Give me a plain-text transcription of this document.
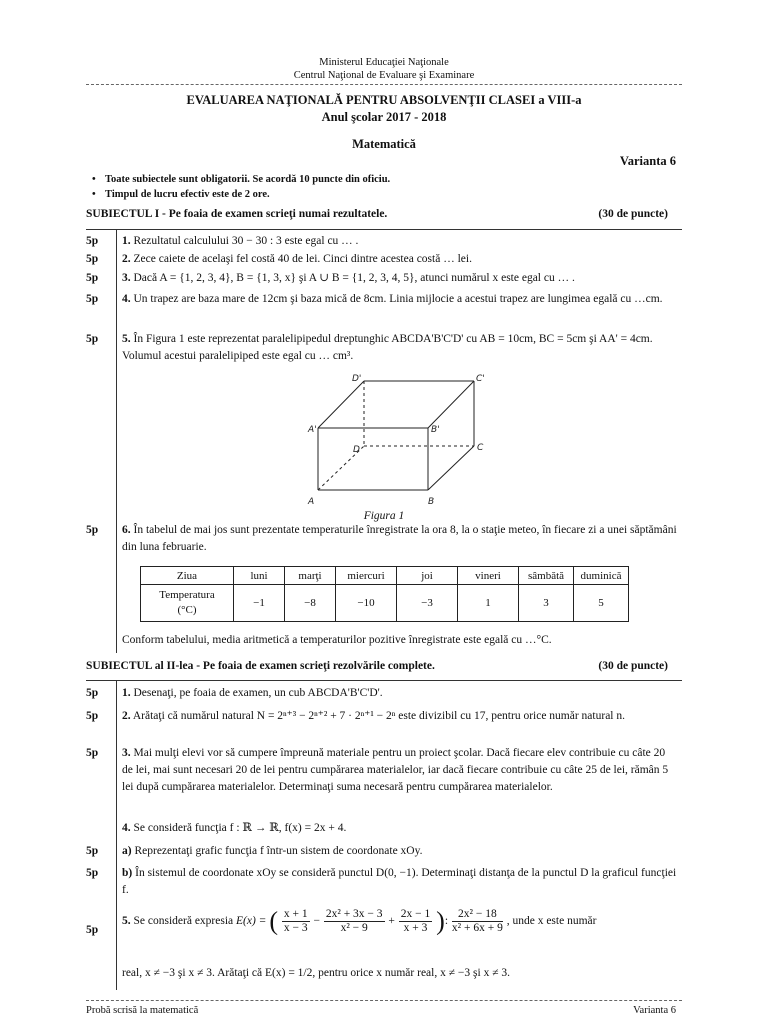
Ministerul Educaţiei Naţionale
Centrul Naţional de Evaluare şi Examinare
EVALUAREA NAŢIONALĂ PENTRU ABSOLVENŢII CLASEI a VIII-a
Anul şcolar 2017 - 2018
Matematică
Varianta 6
• Toate subiectele sunt obligatorii. Se acordă 10 puncte din oficiu.
• Timpul de lucru efectiv este de 2 ore.
SUBIECTUL I - Pe foaia de examen scrieţi numai rezultatele.	(30 de puncte)
5p	1. Rezultatul calculului 30 − 30 : 3 este egal cu … .
5p	2. Zece caiete de acelaşi fel costă 40 de lei. Cinci dintre acestea costă … lei.
5p	3. Dacă A = {1, 2, 3, 4}, B = {1, 3, x} şi A ∪ B = {1, 2, 3, 4, 5}, atunci numărul x este egal cu … .
5p	4. Un trapez are baza mare de 12cm şi baza mică de 8cm. Linia mijlocie a acestui trapez are lungimea egală cu …cm.
5p	5. În Figura 1 este reprezentat paralelipipedul dreptunghic ABCDA'B'C'D' cu AB = 10cm, BC = 5cm şi AA' = 4cm. Volumul acestui paralelipiped este egal cu … cm³.
A	B
C
D
A'	B'
C'
D'
Figura 1
5p	6. În tabelul de mai jos sunt prezentate temperaturile înregistrate la ora 8, la o staţie meteo, în fiecare zi a unei săptămâni din luna februarie.
Ziua	luni	marţi	miercuri	joi	vineri	sâmbătă	duminică
Temperatura
(°C)	−1	−8	−10	−3	1	3	5
Conform tabelului, media aritmetică a temperaturilor pozitive înregistrate este egală cu …°C.
SUBIECTUL al II-lea - Pe foaia de examen scrieţi rezolvările complete.	(30 de puncte)
5p	1. Desenaţi, pe foaia de examen, un cub ABCDA'B'C'D'.
5p	2. Arătaţi că numărul natural N = 2ⁿ⁺³ − 2ⁿ⁺² + 7 · 2ⁿ⁺¹ − 2ⁿ este divizibil cu 17, pentru orice număr natural n.
5p	3. Mai mulţi elevi vor să cumpere împreună materiale pentru un proiect şcolar. Dacă fiecare elev contribuie cu câte 20 de lei, mai sunt necesari 20 de lei pentru cumpărarea materialelor, iar dacă fiecare contribuie cu câte 25 de lei, rămân 5 lei după cumpărarea materialelor. Determinaţi suma necesară pentru cumpărarea materialelor.
4. Se consideră funcţia f : ℝ → ℝ, f(x) = 2x + 4.
5p	a) Reprezentaţi grafic funcţia f într-un sistem de coordonate xOy.
5p	b) În sistemul de coordonate xOy se consideră punctul D(0, −1). Determinaţi distanţa de la punctul D la graficul funcţiei f.
5p
5. Se consideră expresia E(x) = ( $\frac{x + 1}{x - 3} - \frac{\text{2x² + 3x − 3}}{\text{x² − 9}} + \frac{2x - 1}{x + 3}$ ): $\frac{\text{2x² − 18}}{\text{x² + 6x + 9}}$ , unde x este număr
real, x ≠ −3 şi x ≠ 3. Arătaţi că E(x) = 1/2, pentru orice x număr real, x ≠ −3 şi x ≠ 3.
Probă scrisă la matematică	Varianta 6
